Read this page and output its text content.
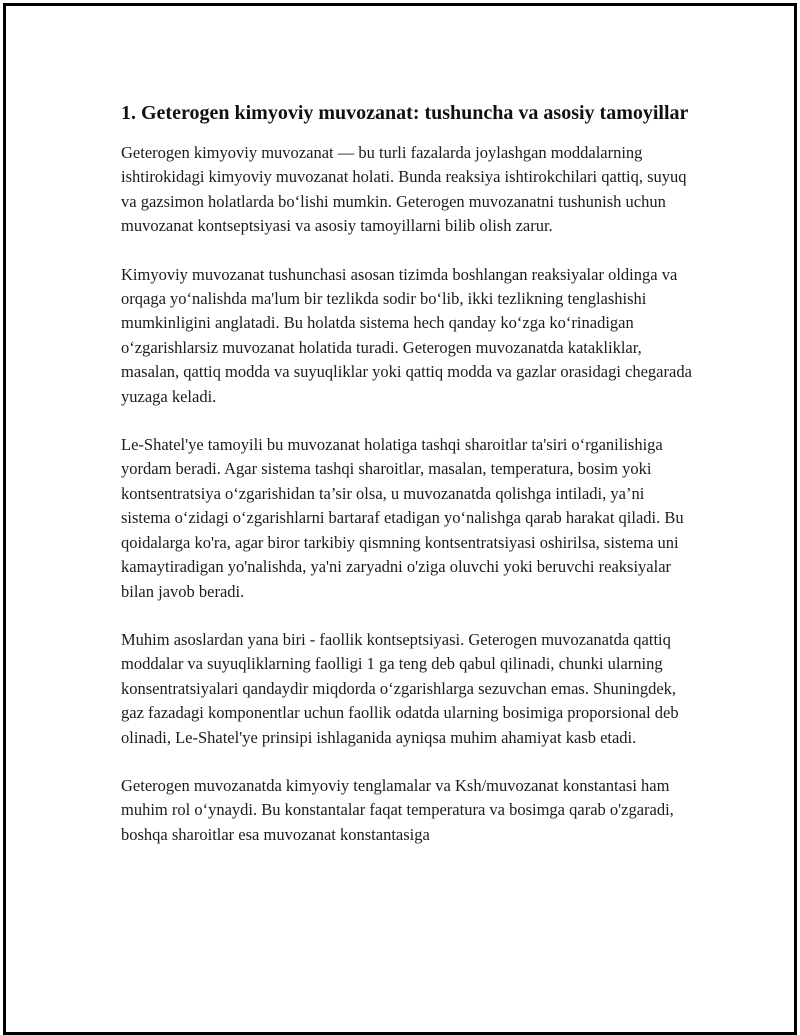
1. Geterogen kimyoviy muvozanat: tushuncha va asosiy tamoyillar

Geterogen kimyoviy muvozanat — bu turli fazalarda joylashgan moddalarning ishtirokidagi kimyoviy muvozanat holati. Bunda reaksiya ishtirokchilari qattiq, suyuq va gazsimon holatlarda boʻlishi mumkin. Geterogen muvozanatni tushunish uchun muvozanat kontseptsiyasi va asosiy tamoyillarni bilib olish zarur.

Kimyoviy muvozanat tushunchasi asosan tizimda boshlangan reaksiyalar oldinga va orqaga yoʻnalishda ma'lum bir tezlikda sodir boʻlib, ikki tezlikning tenglashishi mumkinligini anglatadi. Bu holatda sistema hech qanday koʻzga koʻrinadigan oʻzgarishlarsiz muvozanat holatida turadi. Geterogen muvozanatda katakliklar, masalan, qattiq modda va suyuqliklar yoki qattiq modda va gazlar orasidagi chegarada yuzaga keladi.

Le-Shatel'ye tamoyili bu muvozanat holatiga tashqi sharoitlar ta'siri oʻrganilishiga yordam beradi. Agar sistema tashqi sharoitlar, masalan, temperatura, bosim yoki kontsentratsiya oʻzgarishidan ta’sir olsa, u muvozanatda qolishga intiladi, ya’ni sistema oʻzidagi oʻzgarishlarni bartaraf etadigan yoʻnalishga qarab harakat qiladi. Bu qoidalarga ko'ra, agar biror tarkibiy qismning kontsentratsiyasi oshirilsa, sistema uni kamaytiradigan yo'nalishda, ya'ni zaryadni o'ziga oluvchi yoki beruvchi reaksiyalar bilan javob beradi.

Muhim asoslardan yana biri - faollik kontseptsiyasi. Geterogen muvozanatda qattiq moddalar va suyuqliklarning faolligi 1 ga teng deb qabul qilinadi, chunki ularning konsentratsiyalari qandaydir miqdorda oʻzgarishlarga sezuvchan emas. Shuningdek, gaz fazadagi komponentlar uchun faollik odatda ularning bosimiga proporsional deb olinadi, Le-Shatel'ye prinsipi ishlaganida ayniqsa muhim ahamiyat kasb etadi.

Geterogen muvozanatda kimyoviy tenglamalar va Ksh/muvozanat konstantasi ham muhim rol oʻynaydi. Bu konstantalar faqat temperatura va bosimga qarab o'zgaradi, boshqa sharoitlar esa muvozanat konstantasiga
